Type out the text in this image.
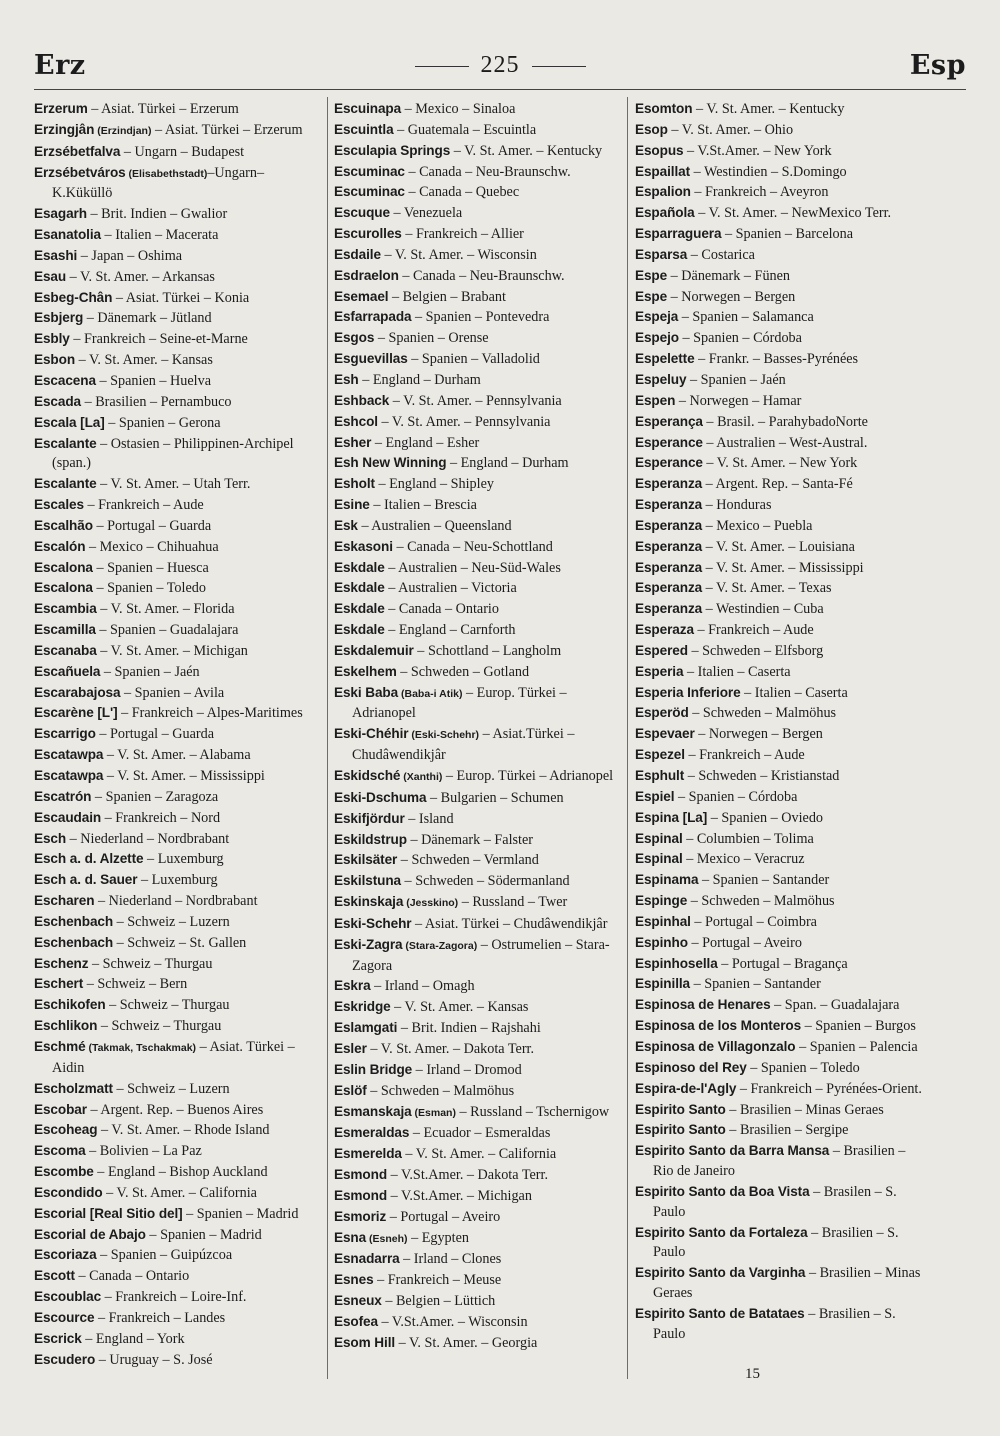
Erz	225	Esp
Erzerum – Asiat. Türkei – Erzerum
Erzingjân (Erzindjan) – Asiat. Türkei – Erzerum
Erzsébetfalva – Ungarn – Budapest
Erzsébetváros (Elisabethstadt)–Ungarn– K.Küküllö
Esagarh – Brit. Indien – Gwalior
Esanatolia – Italien – Macerata
Esashi – Japan – Oshima
Esau – V. St. Amer. – Arkansas
Esbeg-Chân – Asiat. Türkei – Konia
Esbjerg – Dänemark – Jütland
Esbly – Frankreich – Seine-et-Marne
Esbon – V. St. Amer. – Kansas
Escacena – Spanien – Huelva
Escada – Brasilien – Pernambuco
Escala [La] – Spanien – Gerona
Escalante – Ostasien – Philippinen-Archipel (span.)
Escalante – V. St. Amer. – Utah Terr.
Escales – Frankreich – Aude
Escalhão – Portugal – Guarda
Escalón – Mexico – Chihuahua
Escalona – Spanien – Huesca
Escalona – Spanien – Toledo
Escambia – V. St. Amer. – Florida
Escamilla – Spanien – Guadalajara
Escanaba – V. St. Amer. – Michigan
Escañuela – Spanien – Jaén
Escarabajosa – Spanien – Avila
Escarène [L'] – Frankreich – Alpes-Maritimes
Escarrigo – Portugal – Guarda
Escatawpa – V. St. Amer. – Alabama
Escatawpa – V. St. Amer. – Mississippi
Escatrón – Spanien – Zaragoza
Escaudain – Frankreich – Nord
Esch – Niederland – Nordbrabant
Esch a. d. Alzette – Luxemburg
Esch a. d. Sauer – Luxemburg
Escharen – Niederland – Nordbrabant
Eschenbach – Schweiz – Luzern
Eschenbach – Schweiz – St. Gallen
Eschenz – Schweiz – Thurgau
Eschert – Schweiz – Bern
Eschikofen – Schweiz – Thurgau
Eschlikon – Schweiz – Thurgau
Eschmé (Takmak, Tschakmak) – Asiat. Türkei – Aidin
Escholzmatt – Schweiz – Luzern
Escobar – Argent. Rep. – Buenos Aires
Escoheag – V. St. Amer. – Rhode Island
Escoma – Bolivien – La Paz
Escombe – England – Bishop Auckland
Escondido – V. St. Amer. – California
Escorial [Real Sitio del] – Spanien – Madrid
Escorial de Abajo – Spanien – Madrid
Escoriaza – Spanien – Guipúzcoa
Escott – Canada – Ontario
Escoublac – Frankreich – Loire-Inf.
Escource – Frankreich – Landes
Escrick – England – York
Escudero – Uruguay – S. José
Escuinapa – Mexico – Sinaloa
Escuintla – Guatemala – Escuintla
Esculapia Springs – V. St. Amer. – Kentucky
Escuminac – Canada – Neu-Braunschw.
Escuminac – Canada – Quebec
Escuque – Venezuela
Escurolles – Frankreich – Allier
Esdaile – V. St. Amer. – Wisconsin
Esdraelon – Canada – Neu-Braunschw.
Esemael – Belgien – Brabant
Esfarrapada – Spanien – Pontevedra
Esgos – Spanien – Orense
Esguevillas – Spanien – Valladolid
Esh – England – Durham
Eshback – V. St. Amer. – Pennsylvania
Eshcol – V. St. Amer. – Pennsylvania
Esher – England – Esher
Esh New Winning – England – Durham
Esholt – England – Shipley
Esine – Italien – Brescia
Esk – Australien – Queensland
Eskasoni – Canada – Neu-Schottland
Eskdale – Australien – Neu-Süd-Wales
Eskdale – Australien – Victoria
Eskdale – Canada – Ontario
Eskdale – England – Carnforth
Eskdalemuir – Schottland – Langholm
Eskelhem – Schweden – Gotland
Eski Baba (Baba-i Atik) – Europ. Türkei – Adrianopel
Eski-Chéhir (Eski-Schehr) – Asiat.Türkei – Chudâwendikjâr
Eskidsché (Xanthi) – Europ. Türkei – Adrianopel
Eski-Dschuma – Bulgarien – Schumen
Eskifjördur – Island
Eskildstrup – Dänemark – Falster
Eskilsäter – Schweden – Vermland
Eskilstuna – Schweden – Södermanland
Eskinskaja (Jesskino) – Russland – Twer
Eski-Schehr – Asiat. Türkei – Chudâwendikjâr
Eski-Zagra (Stara-Zagora) – Ostrumelien – Stara-Zagora
Eskra – Irland – Omagh
Eskridge – V. St. Amer. – Kansas
Eslamgati – Brit. Indien – Rajshahi
Esler – V. St. Amer. – Dakota Terr.
Eslin Bridge – Irland – Dromod
Eslöf – Schweden – Malmöhus
Esmanskaja (Esman) – Russland – Tschernigow
Esmeraldas – Ecuador – Esmeraldas
Esmerelda – V. St. Amer. – California
Esmond – V.St.Amer. – Dakota Terr.
Esmond – V.St.Amer. – Michigan
Esmoriz – Portugal – Aveiro
Esna (Esneh) – Egypten
Esnadarra – Irland – Clones
Esnes – Frankreich – Meuse
Esneux – Belgien – Lüttich
Esofea – V.St.Amer. – Wisconsin
Esom Hill – V. St. Amer. – Georgia
Esomton – V. St. Amer. – Kentucky
Esop – V. St. Amer. – Ohio
Esopus – V.St.Amer. – New York
Espaillat – Westindien – S.Domingo
Espalion – Frankreich – Aveyron
Española – V. St. Amer. – NewMexico Terr.
Esparraguera – Spanien – Barcelona
Esparsa – Costarica
Espe – Dänemark – Fünen
Espe – Norwegen – Bergen
Espeja – Spanien – Salamanca
Espejo – Spanien – Córdoba
Espelette – Frankr. – Basses-Pyrénées
Espeluy – Spanien – Jaén
Espen – Norwegen – Hamar
Esperança – Brasil. – ParahybadoNorte
Esperance – Australien – West-Austral.
Esperance – V. St. Amer. – New York
Esperanza – Argent. Rep. – Santa-Fé
Esperanza – Honduras
Esperanza – Mexico – Puebla
Esperanza – V. St. Amer. – Louisiana
Esperanza – V. St. Amer. – Mississippi
Esperanza – V. St. Amer. – Texas
Esperanza – Westindien – Cuba
Esperaza – Frankreich – Aude
Espered – Schweden – Elfsborg
Esperia – Italien – Caserta
Esperia Inferiore – Italien – Caserta
Esperöd – Schweden – Malmöhus
Espevaer – Norwegen – Bergen
Espezel – Frankreich – Aude
Esphult – Schweden – Kristianstad
Espiel – Spanien – Córdoba
Espina [La] – Spanien – Oviedo
Espinal – Columbien – Tolima
Espinal – Mexico – Veracruz
Espinama – Spanien – Santander
Espinge – Schweden – Malmöhus
Espinhal – Portugal – Coimbra
Espinho – Portugal – Aveiro
Espinhosella – Portugal – Bragança
Espinilla – Spanien – Santander
Espinosa de Henares – Span. – Guadalajara
Espinosa de los Monteros – Spanien – Burgos
Espinosa de Villagonzalo – Spanien – Palencia
Espinoso del Rey – Spanien – Toledo
Espira-de-l'Agly – Frankreich – Pyrénées-Orient.
Espirito Santo – Brasilien – Minas Geraes
Espirito Santo – Brasilien – Sergipe
Espirito Santo da Barra Mansa – Brasilien – Rio de Janeiro
Espirito Santo da Boa Vista – Brasilen – S. Paulo
Espirito Santo da Fortaleza – Brasilien – S. Paulo
Espirito Santo da Varginha – Brasilien – Minas Geraes
Espirito Santo de Batataes – Brasilien – S. Paulo
15
